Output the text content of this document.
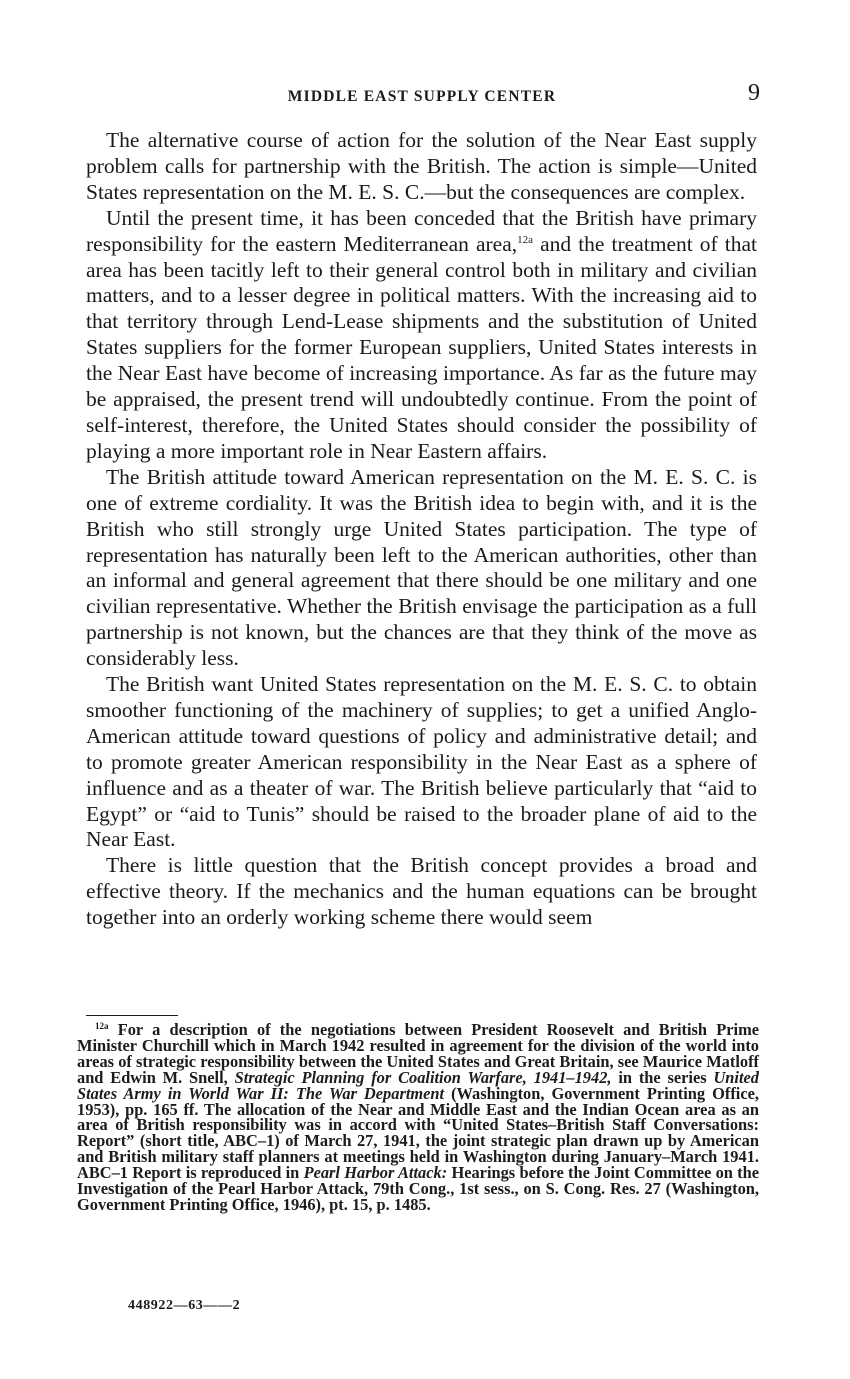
MIDDLE EAST SUPPLY CENTER	9

The alternative course of action for the solution of the Near East supply problem calls for partnership with the British. The action is simple—United States representation on the M. E. S. C.—but the consequences are complex.

Until the present time, it has been conceded that the British have primary responsibility for the eastern Mediterranean area,$^{12a}$ and the treatment of that area has been tacitly left to their general control both in military and civilian matters, and to a lesser degree in political matters. With the increasing aid to that territory through Lend-Lease shipments and the substitution of United States suppliers for the former European suppliers, United States interests in the Near East have become of increasing importance. As far as the future may be appraised, the present trend will undoubtedly continue. From the point of self-interest, therefore, the United States should consider the possibility of playing a more important role in Near Eastern affairs.

The British attitude toward American representation on the M. E. S. C. is one of extreme cordiality. It was the British idea to begin with, and it is the British who still strongly urge United States participation. The type of representation has naturally been left to the American authorities, other than an informal and general agreement that there should be one military and one civilian representative. Whether the British envisage the participation as a full partnership is not known, but the chances are that they think of the move as considerably less.

The British want United States representation on the M. E. S. C. to obtain smoother functioning of the machinery of supplies; to get a unified Anglo-American attitude toward questions of policy and administrative detail; and to promote greater American responsibility in the Near East as a sphere of influence and as a theater of war. The British believe particularly that “aid to Egypt” or “aid to Tunis” should be raised to the broader plane of aid to the Near East.

There is little question that the British concept provides a broad and effective theory. If the mechanics and the human equations can be brought together into an orderly working scheme there would seem

$^{12a}$ For a description of the negotiations between President Roosevelt and British Prime Minister Churchill which in March 1942 resulted in agreement for the division of the world into areas of strategic responsibility between the United States and Great Britain, see Maurice Matloff and Edwin M. Snell, Strategic Planning for Coalition Warfare, 1941–1942, in the series United States Army in World War II: The War Department (Washington, Government Printing Office, 1953), pp. 165 ff. The allocation of the Near and Middle East and the Indian Ocean area as an area of British responsibility was in accord with “United States–British Staff Conversations: Report” (short title, ABC–1) of March 27, 1941, the joint strategic plan drawn up by American and British military staff planners at meetings held in Washington during January–March 1941. ABC–1 Report is reproduced in Pearl Harbor Attack: Hearings before the Joint Committee on the Investigation of the Pearl Harbor Attack, 79th Cong., 1st sess., on S. Cong. Res. 27 (Washington, Government Printing Office, 1946), pt. 15, p. 1485.
448922—63——2
